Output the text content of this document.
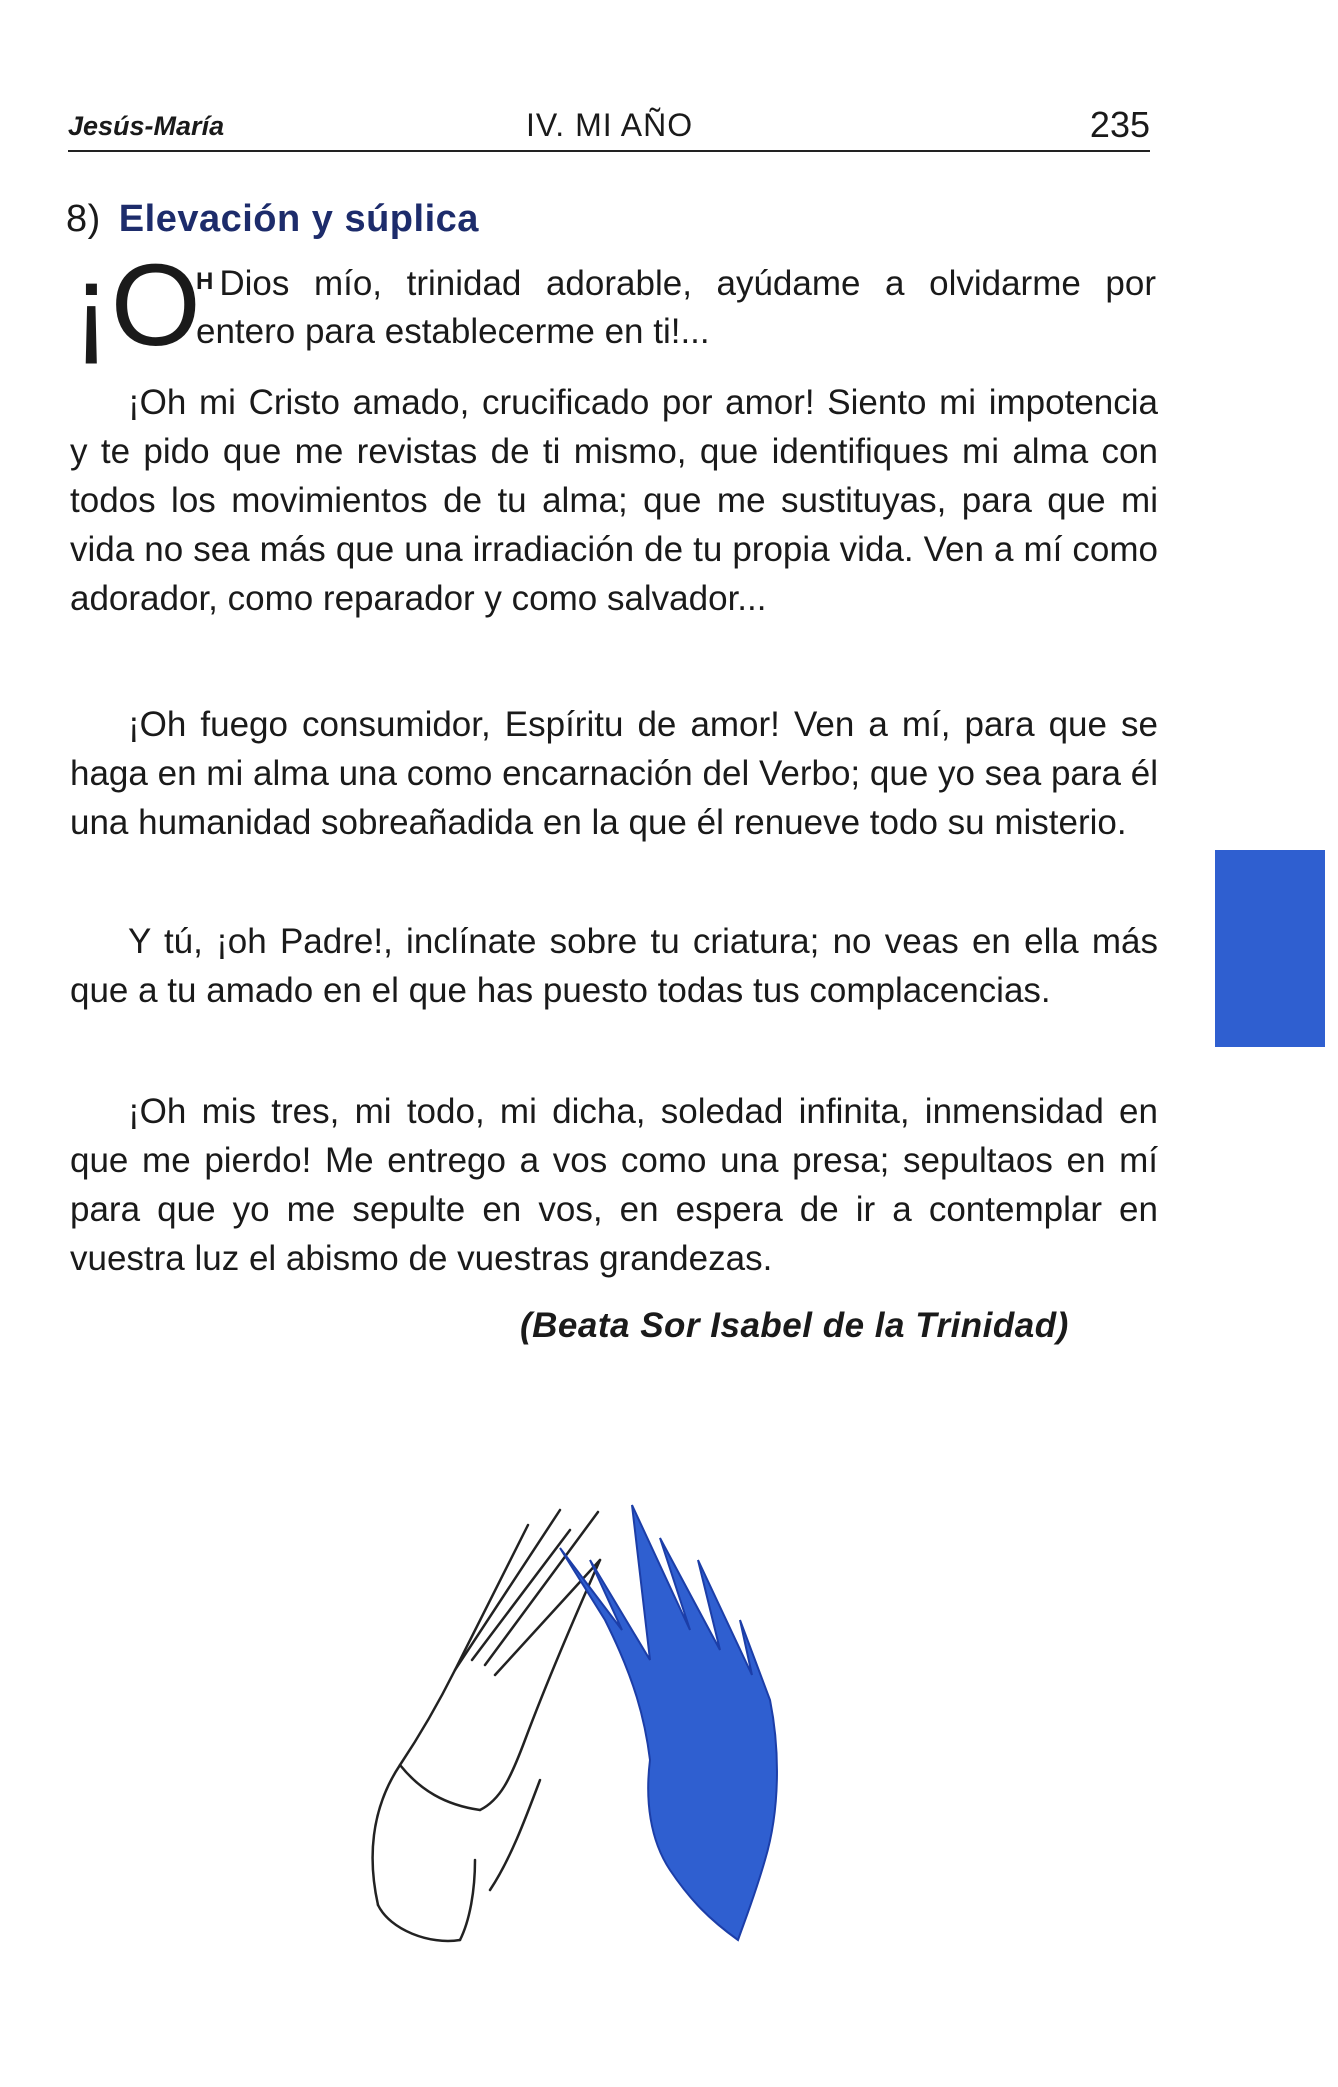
Jesús-María	IV. MI AÑO	235
8) Elevación y súplica
¡O
H Dios mío, trinidad adorable, ayúdame a olvidarme por entero para establecerme en ti!...
¡Oh mi Cristo amado, crucificado por amor! Siento mi impotencia y te pido que me revistas de ti mismo, que identifiques mi alma con todos los movimientos de tu alma; que me sustituyas, para que mi vida no sea más que una irradiación de tu propia vida. Ven a mí como adorador, como reparador y como salvador...
¡Oh fuego consumidor, Espíritu de amor! Ven a mí, para que se haga en mi alma una como encarnación del Verbo; que yo sea para él una humanidad sobreañadida en la que él renueve todo su misterio.
Y tú, ¡oh Padre!, inclínate sobre tu criatura; no veas en ella más que a tu amado en el que has puesto todas tus complacencias.
¡Oh mis tres, mi todo, mi dicha, soledad infinita, inmensidad en que me pierdo! Me entrego a vos como una presa; sepultaos en mí para que yo me sepulte en vos, en espera de ir a contemplar en vuestra luz el abismo de vuestras grandezas.
(Beata Sor Isabel de la Trinidad)
